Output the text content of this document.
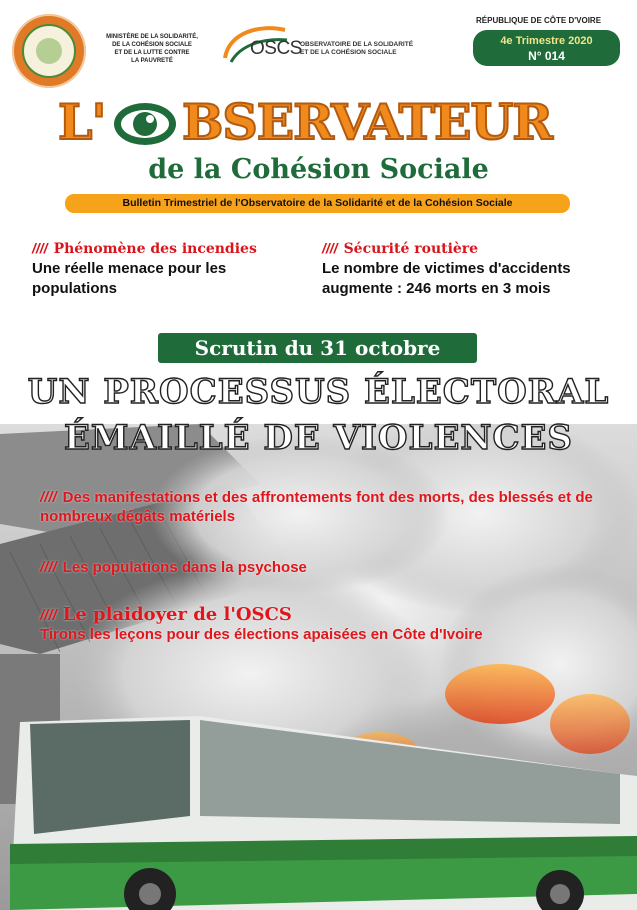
MINISTÈRE DE LA SOLIDARITÉ,
DE LA COHÉSION SOCIALE
ET DE LA LUTTE CONTRE
LA PAUVRETÉ
OSCS
OBSERVATOIRE DE LA SOLIDARITÉ
ET DE LA COHÉSION SOCIALE
RÉPUBLIQUE DE CÔTE D'VOIRE
4e Trimestre 2020
N° 014
L' BSERVATEUR
de la Cohésion Sociale
Bulletin Trimestriel de l'Observatoire de la Solidarité et de la Cohésion Sociale
//// Phénomène des incendies
Une réelle menace pour les populations
//// Sécurité routière
Le nombre de victimes d'accidents augmente : 246 morts en 3 mois
Scrutin du 31 octobre
UN PROCESSUS ÉLECTORAL
ÉMAILLÉ DE VIOLENCES
//// Des manifestations et des affrontements font des morts, des blessés et de nombreux dégâts matériels
//// Les populations dans la psychose
//// Le plaidoyer de l'OSCS
Tirons les leçons pour des élections apaisées en Côte d'Ivoire
